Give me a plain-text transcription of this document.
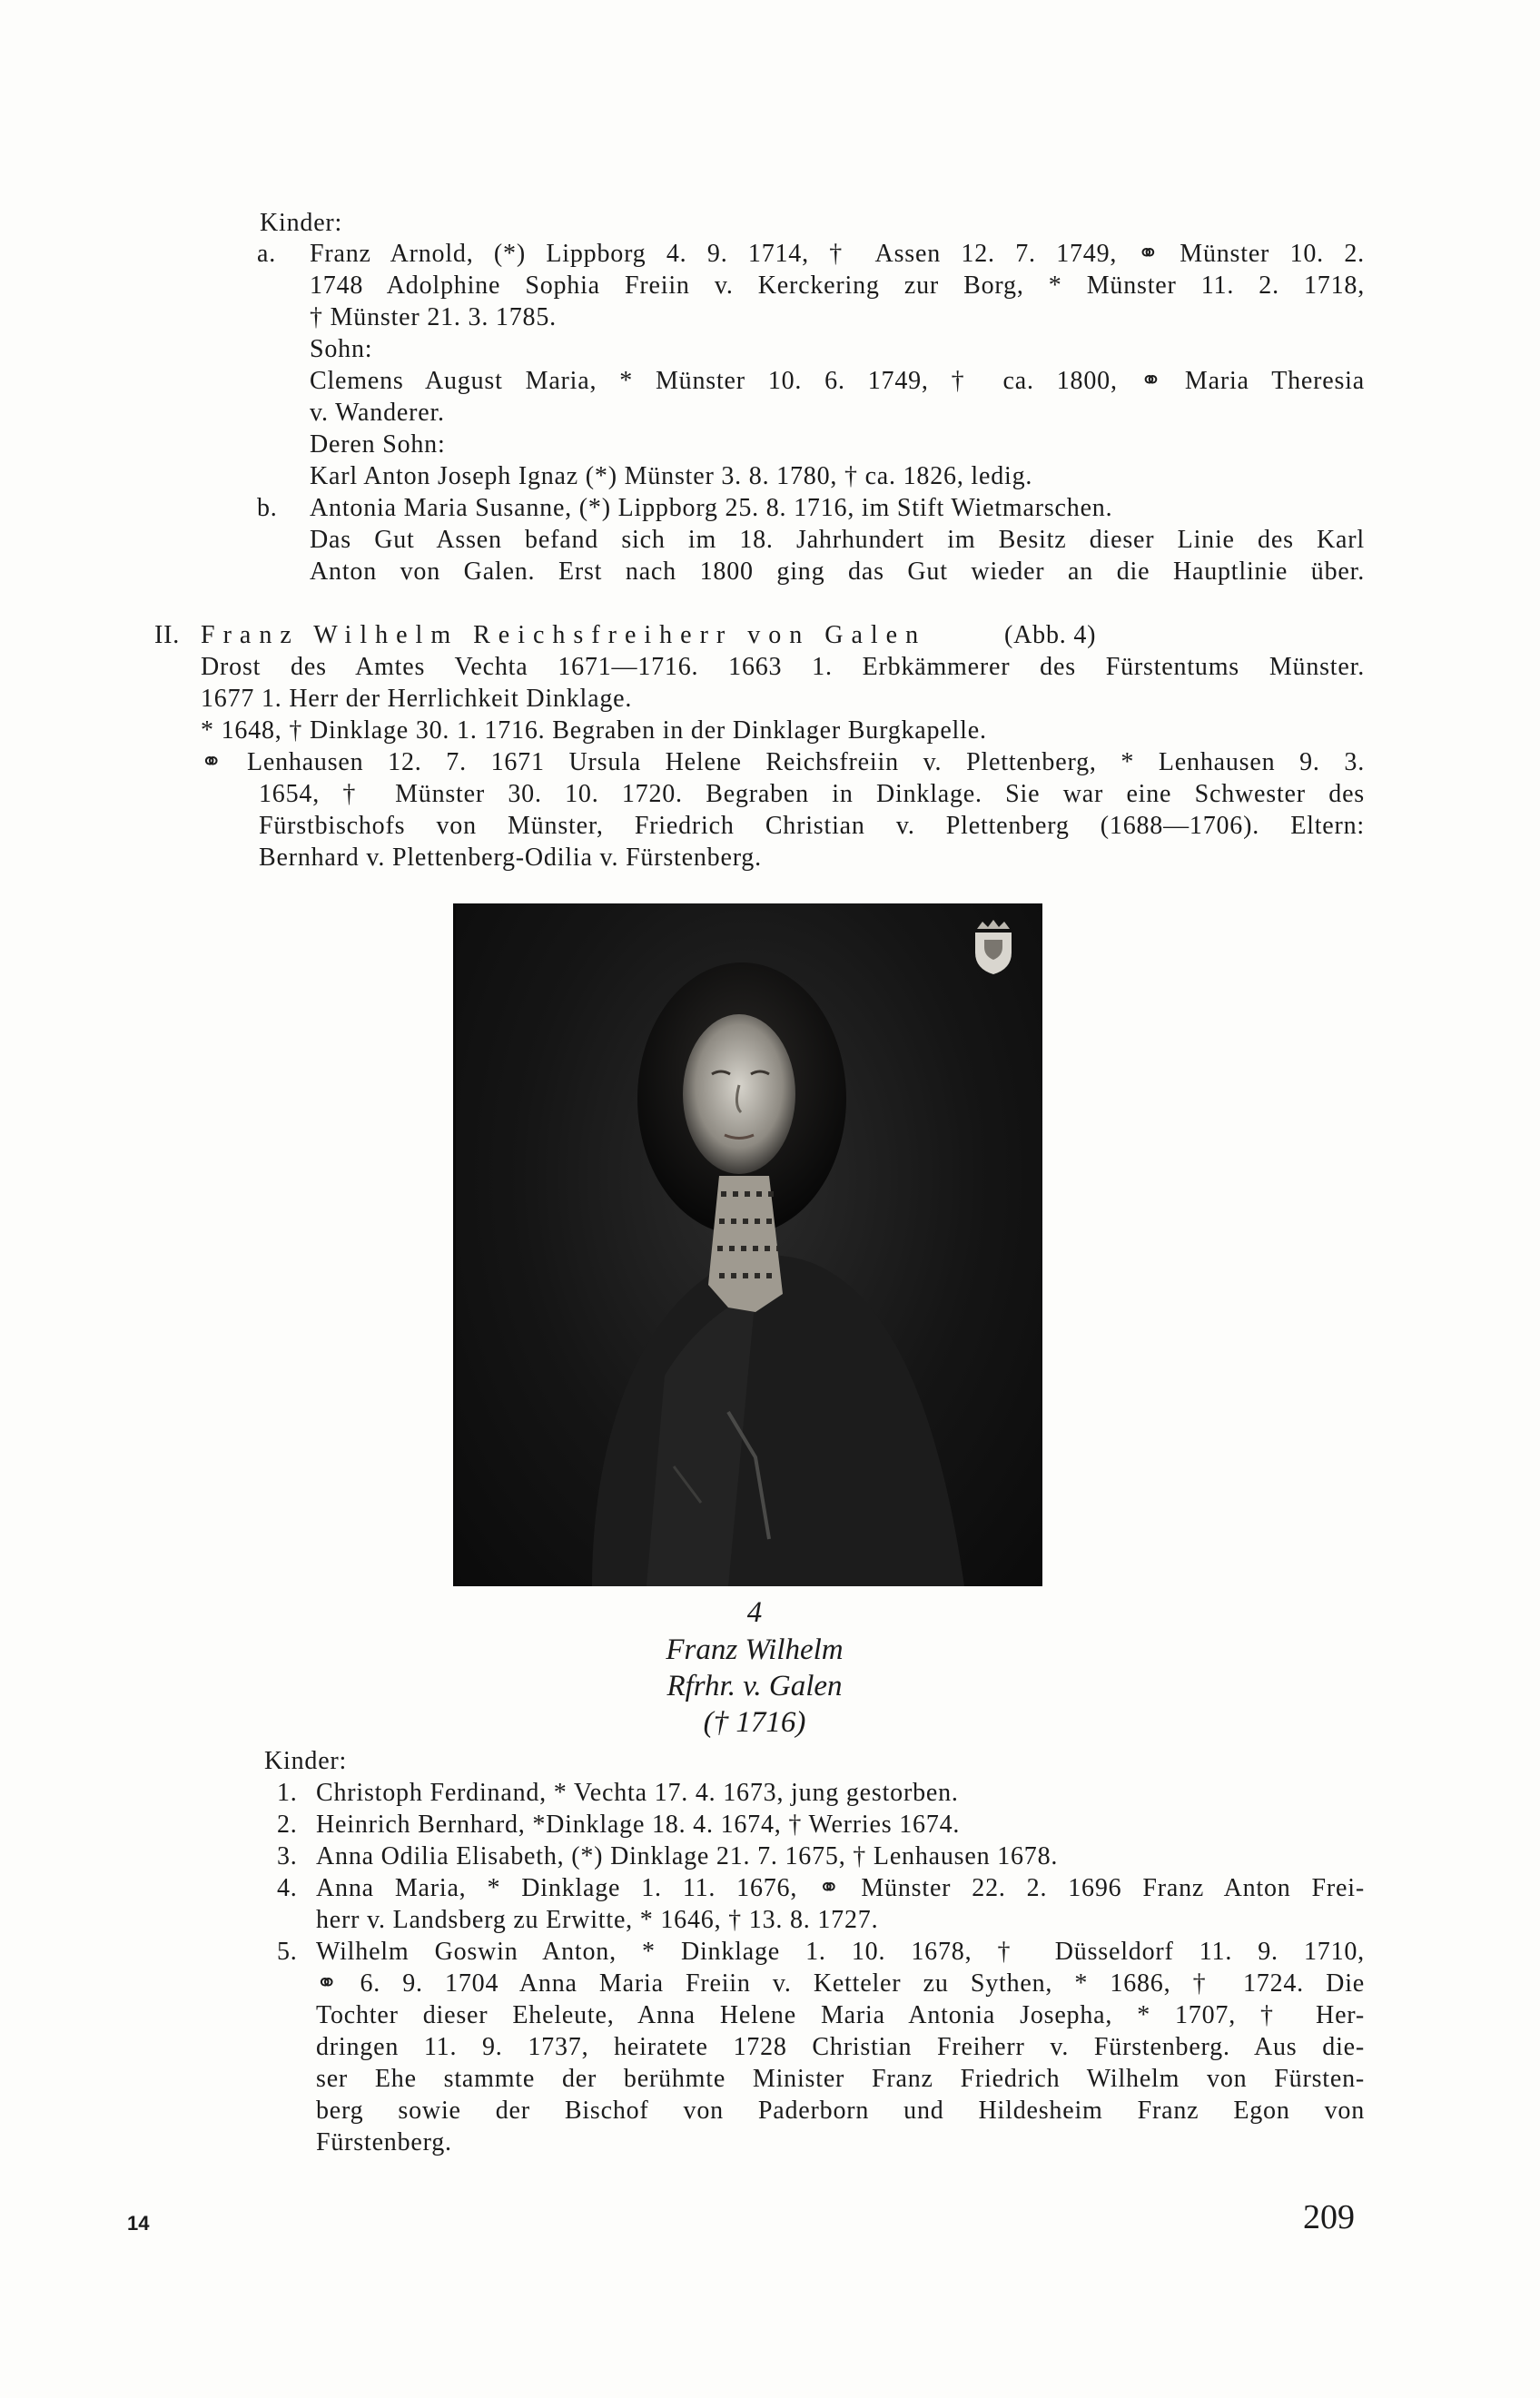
Kinder:
a. Franz Arnold, (*) Lippborg 4. 9. 1714, † Assen 12. 7. 1749, ⚭ Münster 10. 2.
1748 Adolphine Sophia Freiin v. Kerckering zur Borg, * Münster 11. 2. 1718,
† Münster 21. 3. 1785.
Sohn:
Clemens August Maria, * Münster 10. 6. 1749, † ca. 1800, ⚭ Maria Theresia
v. Wanderer.
Deren Sohn:
Karl Anton Joseph Ignaz (*) Münster 3. 8. 1780, † ca. 1826, ledig.
b. Antonia Maria Susanne, (*) Lippborg 25. 8. 1716, im Stift Wietmarschen.
Das Gut Assen befand sich im 18. Jahrhundert im Besitz dieser Linie des Karl
Anton von Galen. Erst nach 1800 ging das Gut wieder an die Hauptlinie über.
II. Franz Wilhelm Reichsfreiherr von Galen	(Abb. 4)
Drost des Amtes Vechta 1671—1716. 1663 1. Erbkämmerer des Fürstentums Münster.
1677 1. Herr der Herrlichkeit Dinklage.
* 1648, † Dinklage 30. 1. 1716. Begraben in der Dinklager Burgkapelle.
⚭ Lenhausen 12. 7. 1671 Ursula Helene Reichsfreiin v. Plettenberg, * Lenhausen 9. 3.
1654, † Münster 30. 10. 1720. Begraben in Dinklage. Sie war eine Schwester des
Fürstbischofs von Münster, Friedrich Christian v. Plettenberg (1688—1706). Eltern:
Bernhard v. Plettenberg-Odilia v. Fürstenberg.
4
Franz Wilhelm
Rfrhr. v. Galen
(† 1716)
Kinder:
1. Christoph Ferdinand, * Vechta 17. 4. 1673, jung gestorben.
2. Heinrich Bernhard, *Dinklage 18. 4. 1674, † Werries 1674.
3. Anna Odilia Elisabeth, (*) Dinklage 21. 7. 1675, † Lenhausen 1678.
4. Anna Maria, * Dinklage 1. 11. 1676, ⚭ Münster 22. 2. 1696 Franz Anton Frei-
herr v. Landsberg zu Erwitte, * 1646, † 13. 8. 1727.
5. Wilhelm Goswin Anton, * Dinklage 1. 10. 1678, † Düsseldorf 11. 9. 1710,
⚭ 6. 9. 1704 Anna Maria Freiin v. Ketteler zu Sythen, * 1686, † 1724. Die
Tochter dieser Eheleute, Anna Helene Maria Antonia Josepha, * 1707, † Her-
dringen 11. 9. 1737, heiratete 1728 Christian Freiherr v. Fürstenberg. Aus die-
ser Ehe stammte der berühmte Minister Franz Friedrich Wilhelm von Fürsten-
berg sowie der Bischof von Paderborn und Hildesheim Franz Egon von
Fürstenberg.
14	209
